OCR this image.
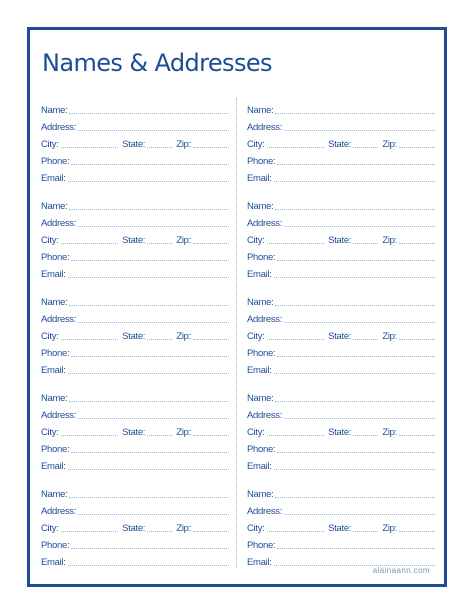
Names & Addresses
Name:
Address:
City:	State:	Zip:
Phone:
Email:
Name:
Address:
City:	State:	Zip:
Phone:
Email:
Name:
Address:
City:	State:	Zip:
Phone:
Email:
Name:
Address:
City:	State:	Zip:
Phone:
Email:
Name:
Address:
City:	State:	Zip:
Phone:
Email:
Name:
Address:
City:	State:	Zip:
Phone:
Email:
Name:
Address:
City:	State:	Zip:
Phone:
Email:
Name:
Address:
City:	State:	Zip:
Phone:
Email:
Name:
Address:
City:	State:	Zip:
Phone:
Email:
Name:
Address:
City:	State:	Zip:
Phone:
Email:
alainaann.com
